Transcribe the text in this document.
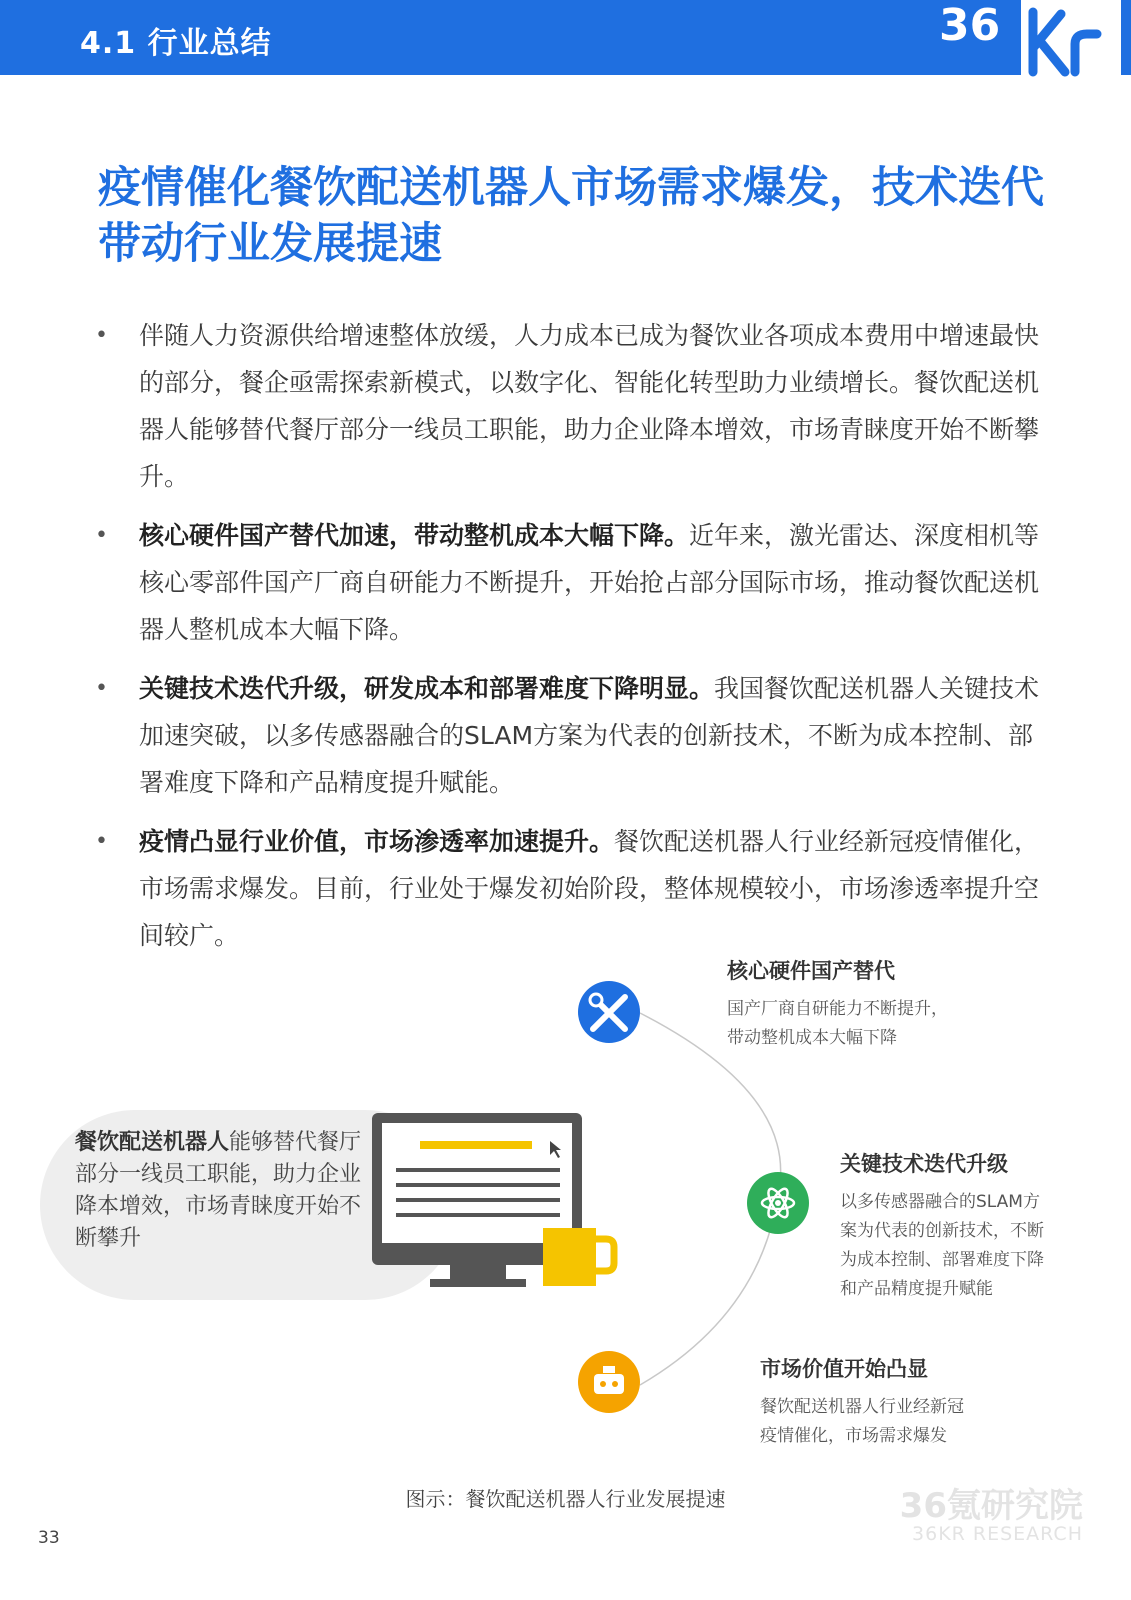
4.1 行业总结	36
疫情催化餐饮配送机器人市场需求爆发，技术迭代带动行业发展提速
• 伴随人力资源供给增速整体放缓，人力成本已成为餐饮业各项成本费用中增速最快的部分，餐企亟需探索新模式，以数字化、智能化转型助力业绩增长。餐饮配送机器人能够替代餐厅部分一线员工职能，助力企业降本增效，市场青睐度开始不断攀升。
• 核心硬件国产替代加速，带动整机成本大幅下降。近年来，激光雷达、深度相机等核心零部件国产厂商自研能力不断提升，开始抢占部分国际市场，推动餐饮配送机器人整机成本大幅下降。
• 关键技术迭代升级，研发成本和部署难度下降明显。我国餐饮配送机器人关键技术加速突破，以多传感器融合的SLAM方案为代表的创新技术，不断为成本控制、部署难度下降和产品精度提升赋能。
• 疫情凸显行业价值，市场渗透率加速提升。餐饮配送机器人行业经新冠疫情催化，市场需求爆发。目前，行业处于爆发初始阶段，整体规模较小，市场渗透率提升空间较广。
餐饮配送机器人能够替代餐厅部分一线员工职能，助力企业降本增效，市场青睐度开始不断攀升
核心硬件国产替代
国产厂商自研能力不断提升，
带动整机成本大幅下降
关键技术迭代升级
以多传感器融合的SLAM方
案为代表的创新技术，不断
为成本控制、部署难度下降
和产品精度提升赋能
市场价值开始凸显
餐饮配送机器人行业经新冠
疫情催化，市场需求爆发
图示：餐饮配送机器人行业发展提速	36氪研究院
36KR RESEARCH
33
